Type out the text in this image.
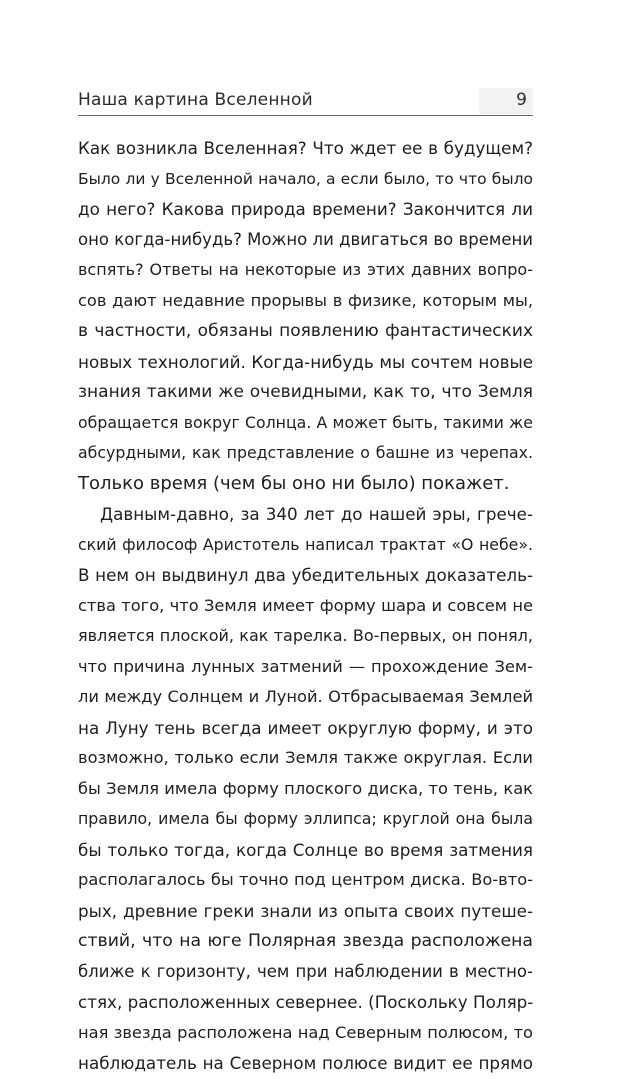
Наша картина Вселенной	9
Как возникла Вселенная? Что ждет ее в будущем?
Было ли у Вселенной начало, а если было, то что было
до него? Какова природа времени? Закончится ли
оно когда-нибудь? Можно ли двигаться во времени
вспять? Ответы на некоторые из этих давних вопро-
сов дают недавние прорывы в физике, которым мы,
в частности, обязаны появлению фантастических
новых технологий. Когда-нибудь мы сочтем новые
знания такими же очевидными, как то, что Земля
обращается вокруг Солнца. А может быть, такими же
абсурдными, как представление о башне из черепах.
Только время (чем бы оно ни было) покажет.
Давным-давно, за 340 лет до нашей эры, грече-
ский философ Аристотель написал трактат «О небе».
В нем он выдвинул два убедительных доказатель-
ства того, что Земля имеет форму шара и совсем не
является плоской, как тарелка. Во-первых, он понял,
что причина лунных затмений — прохождение Зем-
ли между Солнцем и Луной. Отбрасываемая Землей
на Луну тень всегда имеет округлую форму, и это
возможно, только если Земля также округлая. Если
бы Земля имела форму плоского диска, то тень, как
правило, имела бы форму эллипса; круглой она была
бы только тогда, когда Солнце во время затмения
располагалось бы точно под центром диска. Во-вто-
рых, древние греки знали из опыта своих путеше-
ствий, что на юге Полярная звезда расположена
ближе к горизонту, чем при наблюдении в местно-
стях, расположенных севернее. (Поскольку Поляр-
ная звезда расположена над Северным полюсом, то
наблюдатель на Северном полюсе видит ее прямо
